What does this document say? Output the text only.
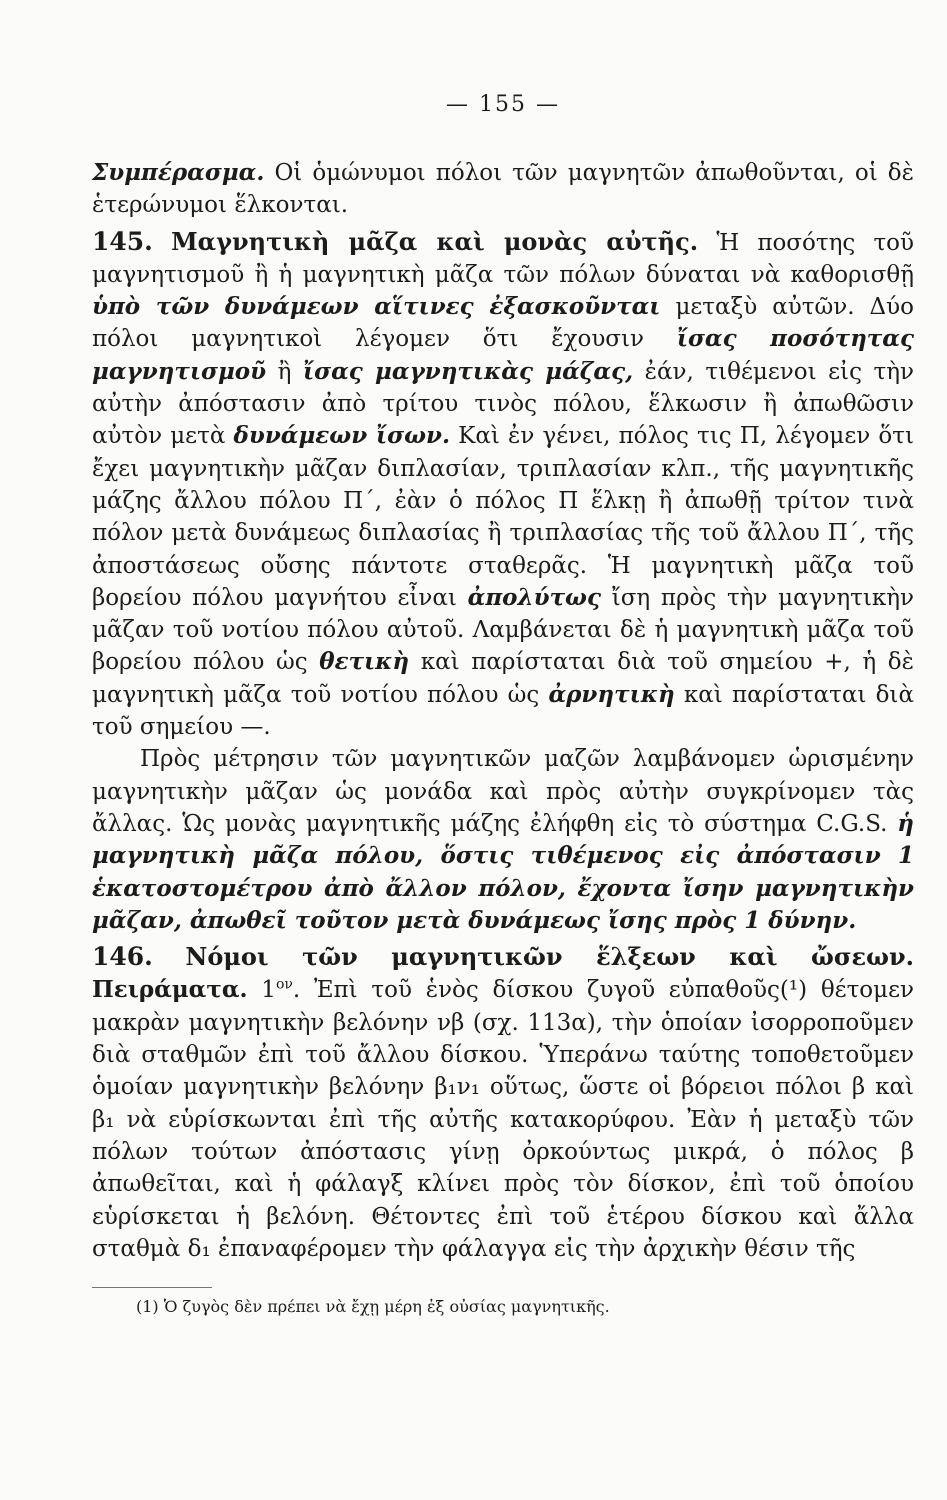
— 155 —

Συμπέρασμα. Οἱ ὁμώνυμοι πόλοι τῶν μαγνητῶν ἀπωθοῦνται, οἱ δὲ ἑτερώνυμοι ἕλκονται.

145. Μαγνητικὴ μᾶζα καὶ μονὰς αὐτῆς. Ἡ ποσότης τοῦ μαγνητισμοῦ ἢ ἡ μαγνητικὴ μᾶζα τῶν πόλων δύναται νὰ καθορισθῇ ὑπὸ τῶν δυνάμεων αἵτινες ἐξασκοῦνται μεταξὺ αὐτῶν. Δύο πόλοι μαγνητικοὶ λέγομεν ὅτι ἔχουσιν ἴσας ποσότητας μαγνητισμοῦ ἢ ἴσας μαγνητικὰς μάζας, ἐάν, τιθέμενοι εἰς τὴν αὐτὴν ἀπόστασιν ἀπὸ τρίτου τινὸς πόλου, ἕλκωσιν ἢ ἀπωθῶσιν αὐτὸν μετὰ δυνάμεων ἴσων. Καὶ ἐν γένει, πόλος τις Π, λέγομεν ὅτι ἔχει μαγνητικὴν μᾶζαν διπλασίαν, τριπλασίαν κλπ., τῆς μαγνητικῆς μάζης ἄλλου πόλου Π΄, ἐὰν ὁ πόλος Π ἕλκῃ ἢ ἀπωθῇ τρίτον τινὰ πόλον μετὰ δυνάμεως διπλασίας ἢ τριπλασίας τῆς τοῦ ἄλλου Π΄, τῆς ἀποστάσεως οὔσης πάντοτε σταθερᾶς. Ἡ μαγνητικὴ μᾶζα τοῦ βορείου πόλου μαγνήτου εἶναι ἀπολύτως ἴση πρὸς τὴν μαγνητικὴν μᾶζαν τοῦ νοτίου πόλου αὐτοῦ. Λαμβάνεται δὲ ἡ μαγνητικὴ μᾶζα τοῦ βορείου πόλου ὡς θετικὴ καὶ παρίσταται διὰ τοῦ σημείου +, ἡ δὲ μαγνητικὴ μᾶζα τοῦ νοτίου πόλου ὡς ἀρνητικὴ καὶ παρίσταται διὰ τοῦ σημείου —.

Πρὸς μέτρησιν τῶν μαγνητικῶν μαζῶν λαμβάνομεν ὡρισμένην μαγνητικὴν μᾶζαν ὡς μονάδα καὶ πρὸς αὐτὴν συγκρίνομεν τὰς ἄλλας. Ὡς μονὰς μαγνητικῆς μάζης ἐλήφθη εἰς τὸ σύστημα C.G.S. ἡ μαγνητικὴ μᾶζα πόλου, ὅστις τιθέμενος εἰς ἀπόστασιν 1 ἑκατοστομέτρου ἀπὸ ἄλλον πόλον, ἔχοντα ἴσην μαγνητικὴν μᾶζαν, ἀπωθεῖ τοῦτον μετὰ δυνάμεως ἴσης πρὸς 1 δύνην.

146. Νόμοι τῶν μαγνητικῶν ἕλξεων καὶ ὤσεων. Πειράματα. $1^{o\nu}$. Ἐπὶ τοῦ ἑνὸς δίσκου ζυγοῦ εὐπαθοῦς(¹) θέτομεν μακρὰν μαγνητικὴν βελόνην νβ (σχ. 113α), τὴν ὁποίαν ἰσορροποῦμεν διὰ σταθμῶν ἐπὶ τοῦ ἄλλου δίσκου. Ὑπεράνω ταύτης τοποθετοῦμεν ὁμοίαν μαγνητικὴν βελόνην β₁ν₁ οὕτως, ὥστε οἱ βόρειοι πόλοι β καὶ β₁ νὰ εὑρίσκωνται ἐπὶ τῆς αὐτῆς κατακορύφου. Ἐὰν ἡ μεταξὺ τῶν πόλων τούτων ἀπόστασις γίνῃ ὀρκούντως μικρά, ὁ πόλος β ἀπωθεῖται, καὶ ἡ φάλαγξ κλίνει πρὸς τὸν δίσκον, ἐπὶ τοῦ ὁποίου εὑρίσκεται ἡ βελόνη. Θέτοντες ἐπὶ τοῦ ἑτέρου δίσκου καὶ ἄλλα σταθμὰ δ₁ ἐπαναφέρομεν τὴν φάλαγγα εἰς τὴν ἀρχικὴν θέσιν τῆς

(1) Ὁ ζυγὸς δὲν πρέπει νὰ ἔχῃ μέρη ἐξ οὐσίας μαγνητικῆς.
